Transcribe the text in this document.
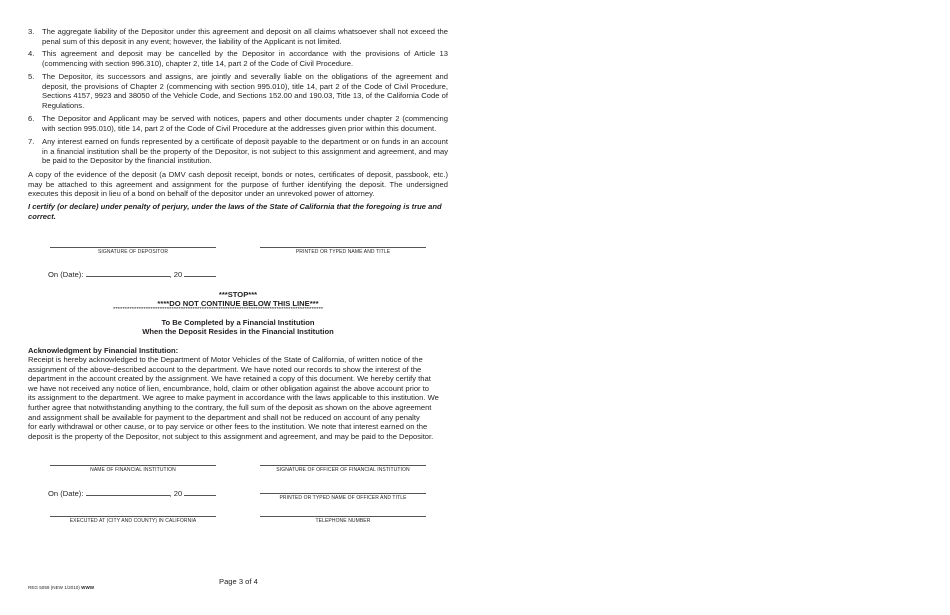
3. The aggregate liability of the Depositor under this agreement and deposit on all claims whatsoever shall not exceed the penal sum of this deposit in any event; however, the liability of the Applicant is not limited.
4. This agreement and deposit may be cancelled by the Depositor in accordance with the provisions of Article 13 (commencing with section 996.310), chapter 2, title 14, part 2 of the Code of Civil Procedure.
5. The Depositor, its successors and assigns, are jointly and severally liable on the obligations of the agreement and deposit, the provisions of Chapter 2 (commencing with section 995.010), title 14, part 2 of the Code of Civil Procedure, Sections 4157, 9923 and 38050 of the Vehicle Code, and Sections 152.00 and 190.03, Title 13, of the California Code of Regulations.
6. The Depositor and Applicant may be served with notices, papers and other documents under chapter 2 (commencing with section 995.010), title 14, part 2 of the Code of Civil Procedure at the addresses given prior within this document.
7. Any interest earned on funds represented by a certificate of deposit payable to the department or on funds in an account in a financial institution shall be the property of the Depositor, is not subject to this assignment and agreement, and may be paid to the Depositor by the financial institution.
A copy of the evidence of the deposit (a DMV cash deposit receipt, bonds or notes, certificates of deposit, passbook, etc.) may be attached to this agreement and assignment for the purpose of further identifying the deposit. The undersigned executes this deposit in lieu of a bond on behalf of the depositor under an unrevoked power of attorney.
I certify (or declare) under penalty of perjury, under the laws of the State of California that the foregoing is true and correct.
SIGNATURE OF DEPOSITOR	PRINTED OR TYPED NAME AND TITLE
On (Date):	, 20
***STOP***
****DO NOT CONTINUE BELOW THIS LINE***
******************************************************************************************
To Be Completed by a Financial Institution
When the Deposit Resides in the Financial Institution
Acknowledgment by Financial Institution:
Receipt is hereby acknowledged to the Department of Motor Vehicles of the State of California, of written notice of the
assignment of the above-described account to the department. We have noted our records to show the interest of the
department in the account created by the assignment. We have retained a copy of this document. We hereby certify that
we have not received any notice of lien, encumbrance, hold, claim or other obligation against the above account prior to
its assignment to the department. We agree to make payment in accordance with the laws applicable to this institution. We
further agree that notwithstanding anything to the contrary, the full sum of the deposit as shown on the above agreement
and assignment shall be available for payment to the department and shall not be reduced on account of any penalty
for early withdrawal or other cause, or to pay service or other fees to the institution. We note that interest earned on the
deposit is the property of the Depositor, not subject to this assignment and agreement, and may be paid to the Depositor.
NAME OF FINANCIAL INSTITUTION	SIGNATURE OF OFFICER OF FINANCIAL INSTITUTION
On (Date):	, 20	PRINTED OR TYPED NAME OF OFFICER AND TITLE
EXECUTED AT (CITY AND COUNTY) IN CALIFORNIA	TELEPHONE NUMBER
Page 3 of 4
REG 5059 (NEW 1/2010) WWW
